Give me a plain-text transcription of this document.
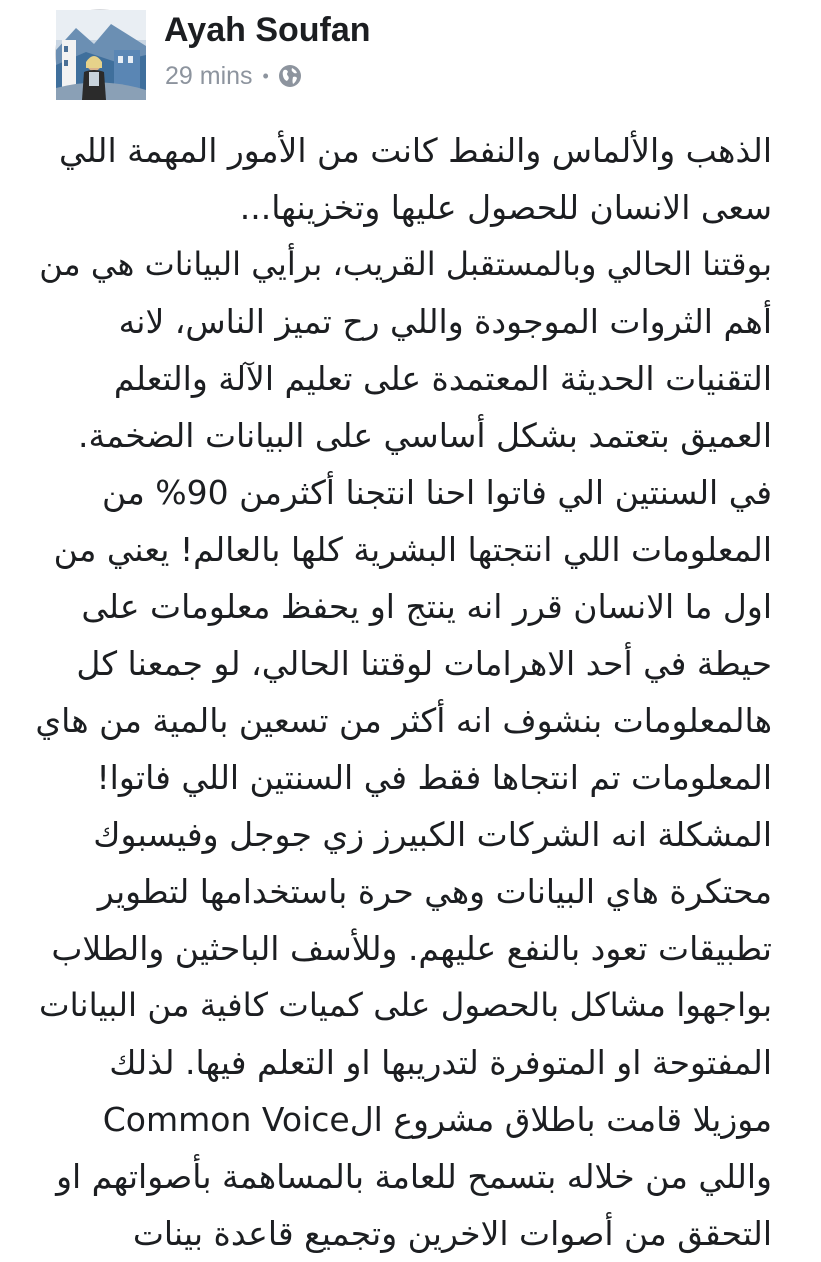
Ayah Soufan
29 mins •
الذهب والألماس والنفط كانت من الأمور المهمة اللي
سعى الانسان للحصول عليها وتخزينها...
بوقتنا الحالي وبالمستقبل القريب، برأيي البيانات هي من
أهم الثروات الموجودة واللي رح تميز الناس، لانه
التقنيات الحديثة المعتمدة على تعليم الآلة والتعلم
العميق بتعتمد بشكل أساسي على البيانات الضخمة.
في السنتين الي فاتوا احنا انتجنا أكثرمن 90% من
المعلومات اللي انتجتها البشرية كلها بالعالم! يعني من
اول ما الانسان قرر انه ينتج او يحفظ معلومات على
حيطة في أحد الاهرامات لوقتنا الحالي، لو جمعنا كل
هالمعلومات بنشوف انه أكثر من تسعين بالمية من هاي
المعلومات تم انتجاها فقط في السنتين اللي فاتوا!
المشكلة انه الشركات الكبيرز زي جوجل وفيسبوك
محتكرة هاي البيانات وهي حرة باستخدامها لتطوير
تطبيقات تعود بالنفع عليهم. وللأسف الباحثين والطلاب
بواجهوا مشاكل بالحصول على كميات كافية من البيانات
المفتوحة او المتوفرة لتدريبها او التعلم فيها. لذلك
موزيلا قامت باطلاق مشروع الCommon Voice
واللي من خلاله بتسمح للعامة بالمساهمة بأصواتهم او
التحقق من أصوات الاخرين وتجميع قاعدة بينات
